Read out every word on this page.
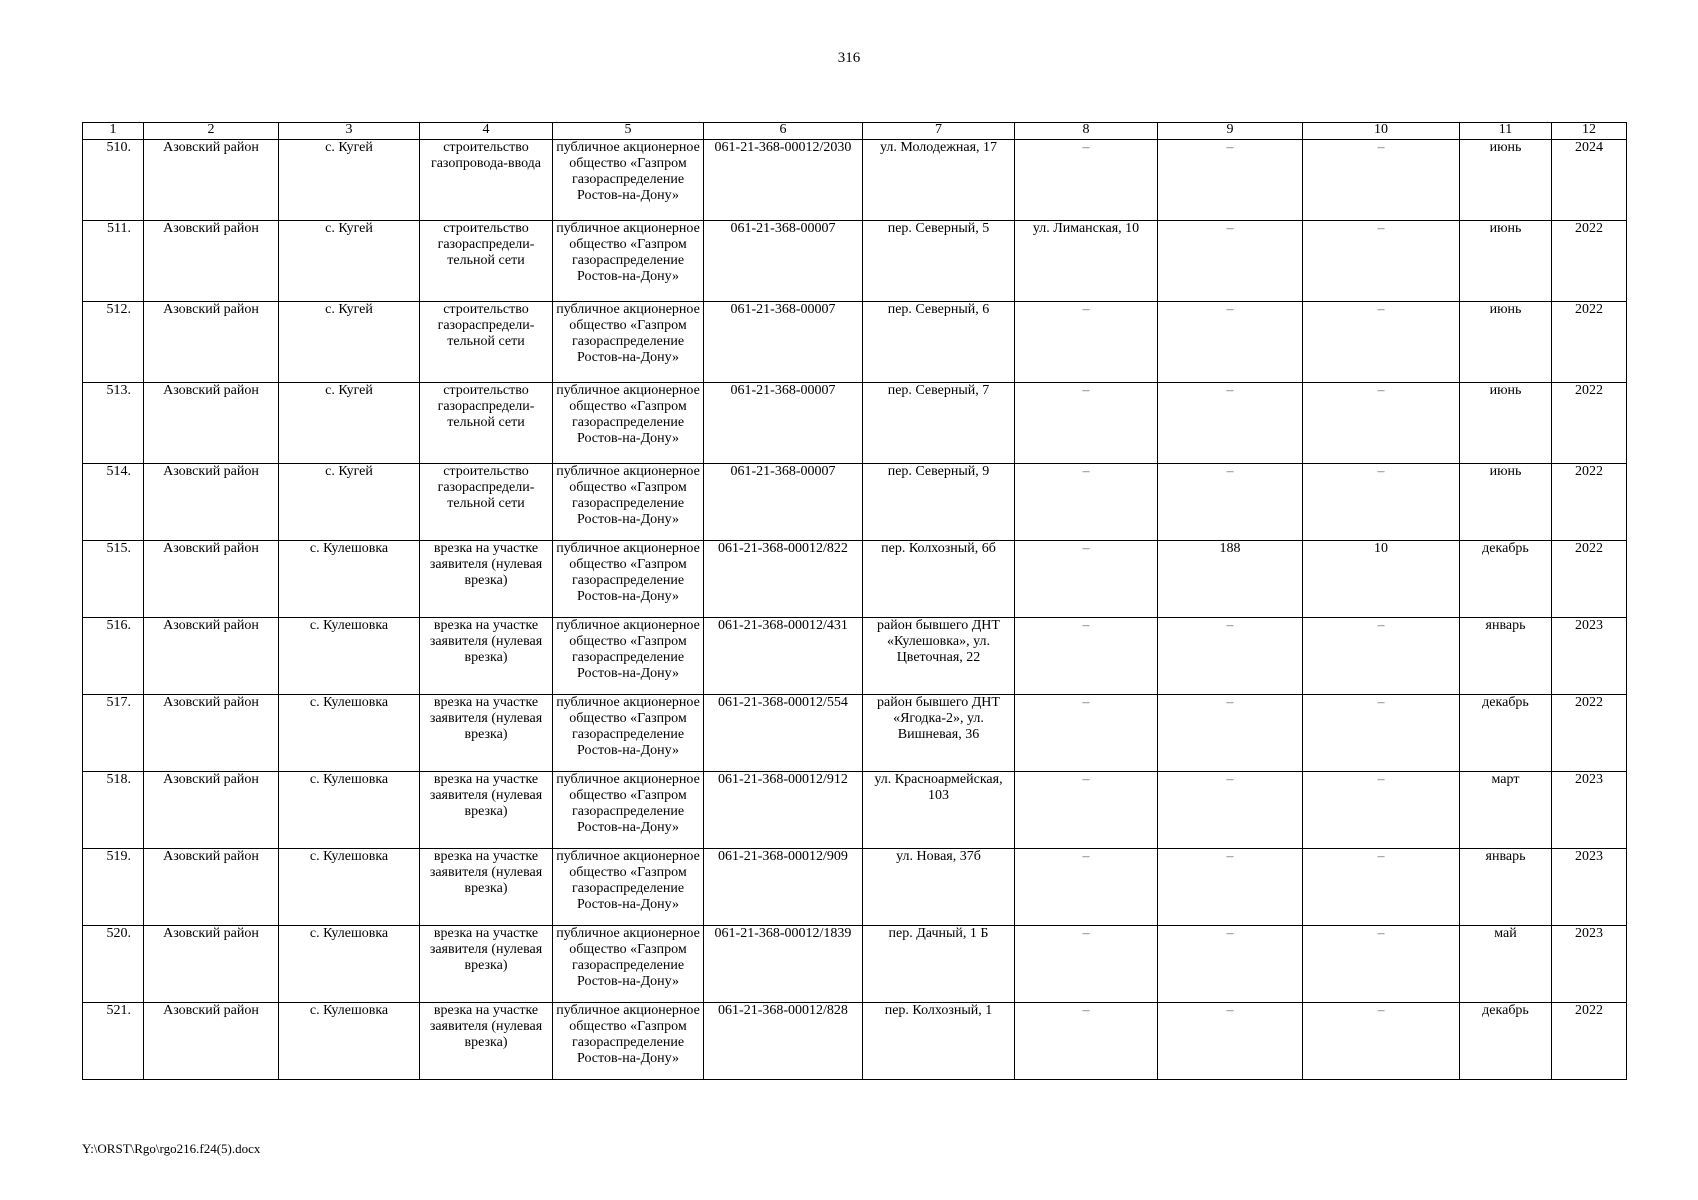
316
1	2	3	4	5	6	7	8	9	10	11	12
510.	Азовский район	с. Кугей	строительство газопровода-ввода	публичное акционерное общество «Газпром газораспределение Ростов-на-Дону»	061-21-368-00012/2030	ул. Молодежная, 17	–	–	–	июнь	2024
511.	Азовский район	с. Кугей	строительство газораспредели-тельной сети	публичное акционерное общество «Газпром газораспределение Ростов-на-Дону»	061-21-368-00007	пер. Северный, 5	ул. Лиманская, 10	–	–	июнь	2022
512.	Азовский район	с. Кугей	строительство газораспредели-тельной сети	публичное акционерное общество «Газпром газораспределение Ростов-на-Дону»	061-21-368-00007	пер. Северный, 6	–	–	–	июнь	2022
513.	Азовский район	с. Кугей	строительство газораспредели-тельной сети	публичное акционерное общество «Газпром газораспределение Ростов-на-Дону»	061-21-368-00007	пер. Северный, 7	–	–	–	июнь	2022
514.	Азовский район	с. Кугей	строительство газораспредели-тельной сети	публичное акционерное общество «Газпром газораспределение Ростов-на-Дону»	061-21-368-00007	пер. Северный, 9	–	–	–	июнь	2022
515.	Азовский район	с. Кулешовка	врезка на участке заявителя (нулевая врезка)	публичное акционерное общество «Газпром газораспределение Ростов-на-Дону»	061-21-368-00012/822	пер. Колхозный, 6б	–	188	10	декабрь	2022
516.	Азовский район	с. Кулешовка	врезка на участке заявителя (нулевая врезка)	публичное акционерное общество «Газпром газораспределение Ростов-на-Дону»	061-21-368-00012/431	район бывшего ДНТ «Кулешовка», ул. Цветочная, 22	–	–	–	январь	2023
517.	Азовский район	с. Кулешовка	врезка на участке заявителя (нулевая врезка)	публичное акционерное общество «Газпром газораспределение Ростов-на-Дону»	061-21-368-00012/554	район бывшего ДНТ «Ягодка-2», ул. Вишневая, 36	–	–	–	декабрь	2022
518.	Азовский район	с. Кулешовка	врезка на участке заявителя (нулевая врезка)	публичное акционерное общество «Газпром газораспределение Ростов-на-Дону»	061-21-368-00012/912	ул. Красноармейская, 103	–	–	–	март	2023
519.	Азовский район	с. Кулешовка	врезка на участке заявителя (нулевая врезка)	публичное акционерное общество «Газпром газораспределение Ростов-на-Дону»	061-21-368-00012/909	ул. Новая, 37б	–	–	–	январь	2023
520.	Азовский район	с. Кулешовка	врезка на участке заявителя (нулевая врезка)	публичное акционерное общество «Газпром газораспределение Ростов-на-Дону»	061-21-368-00012/1839	пер. Дачный, 1 Б	–	–	–	май	2023
521.	Азовский район	с. Кулешовка	врезка на участке заявителя (нулевая врезка)	публичное акционерное общество «Газпром газораспределение Ростов-на-Дону»	061-21-368-00012/828	пер. Колхозный, 1	–	–	–	декабрь	2022
Y:\ORST\Rgo\rgo216.f24(5).docx
